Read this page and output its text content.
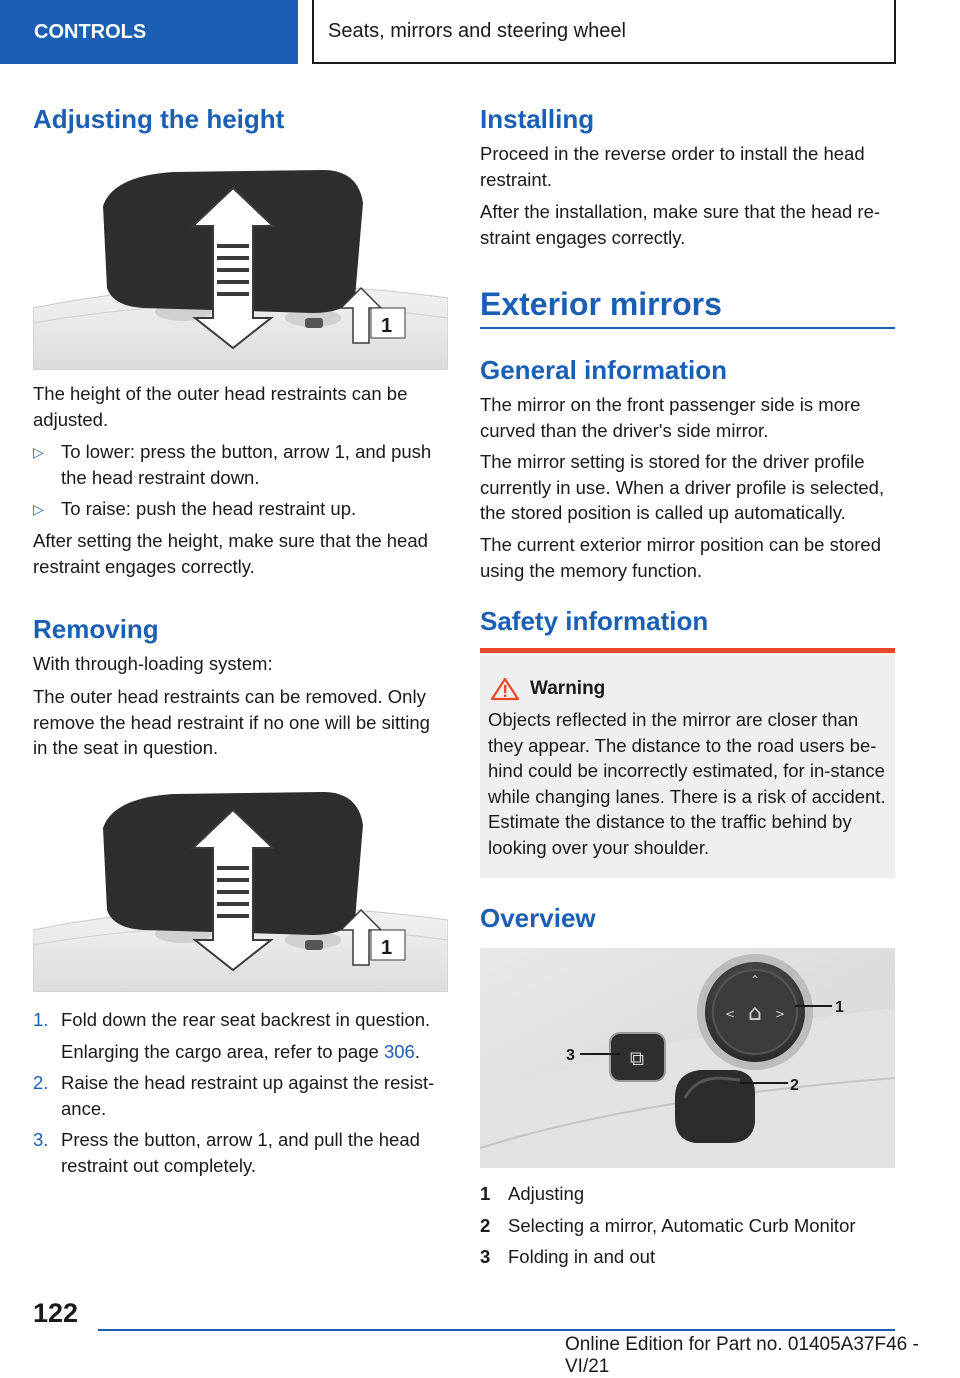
CONTROLS	Seats, mirrors and steering wheel
Adjusting the height
1
The height of the outer head restraints can be adjusted.
▷ To lower: press the button, arrow 1, and push the head restraint down.
▷ To raise: push the head restraint up.
After setting the height, make sure that the head restraint engages correctly.
Removing
With through-loading system:
The outer head restraints can be removed. Only remove the head restraint if no one will be sitting in the seat in question.
1
1. Fold down the rear seat backrest in question.
Enlarging the cargo area, refer to page 306.
2. Raise the head restraint up against the resist‐ance.
3. Press the button, arrow 1, and pull the head restraint out completely.
Installing
Proceed in the reverse order to install the head restraint.
After the installation, make sure that the head re‐straint engages correctly.
Exterior mirrors
General information
The mirror on the front passenger side is more curved than the driver's side mirror.
The mirror setting is stored for the driver profile currently in use. When a driver profile is selected, the stored position is called up automatically.
The current exterior mirror position can be stored using the memory function.
Safety information
Warning
Objects reflected in the mirror are closer than they appear. The distance to the road users be‐hind could be incorrectly estimated, for in‐stance while changing lanes. There is a risk of accident. Estimate the distance to the traffic behind by looking over your shoulder.
Overview
⌂
⌃
<	>
⧉
1
2
3
1 Adjusting
2 Selecting a mirror, Automatic Curb Monitor
3 Folding in and out
122
Online Edition for Part no. 01405A37F46 - VI/21
